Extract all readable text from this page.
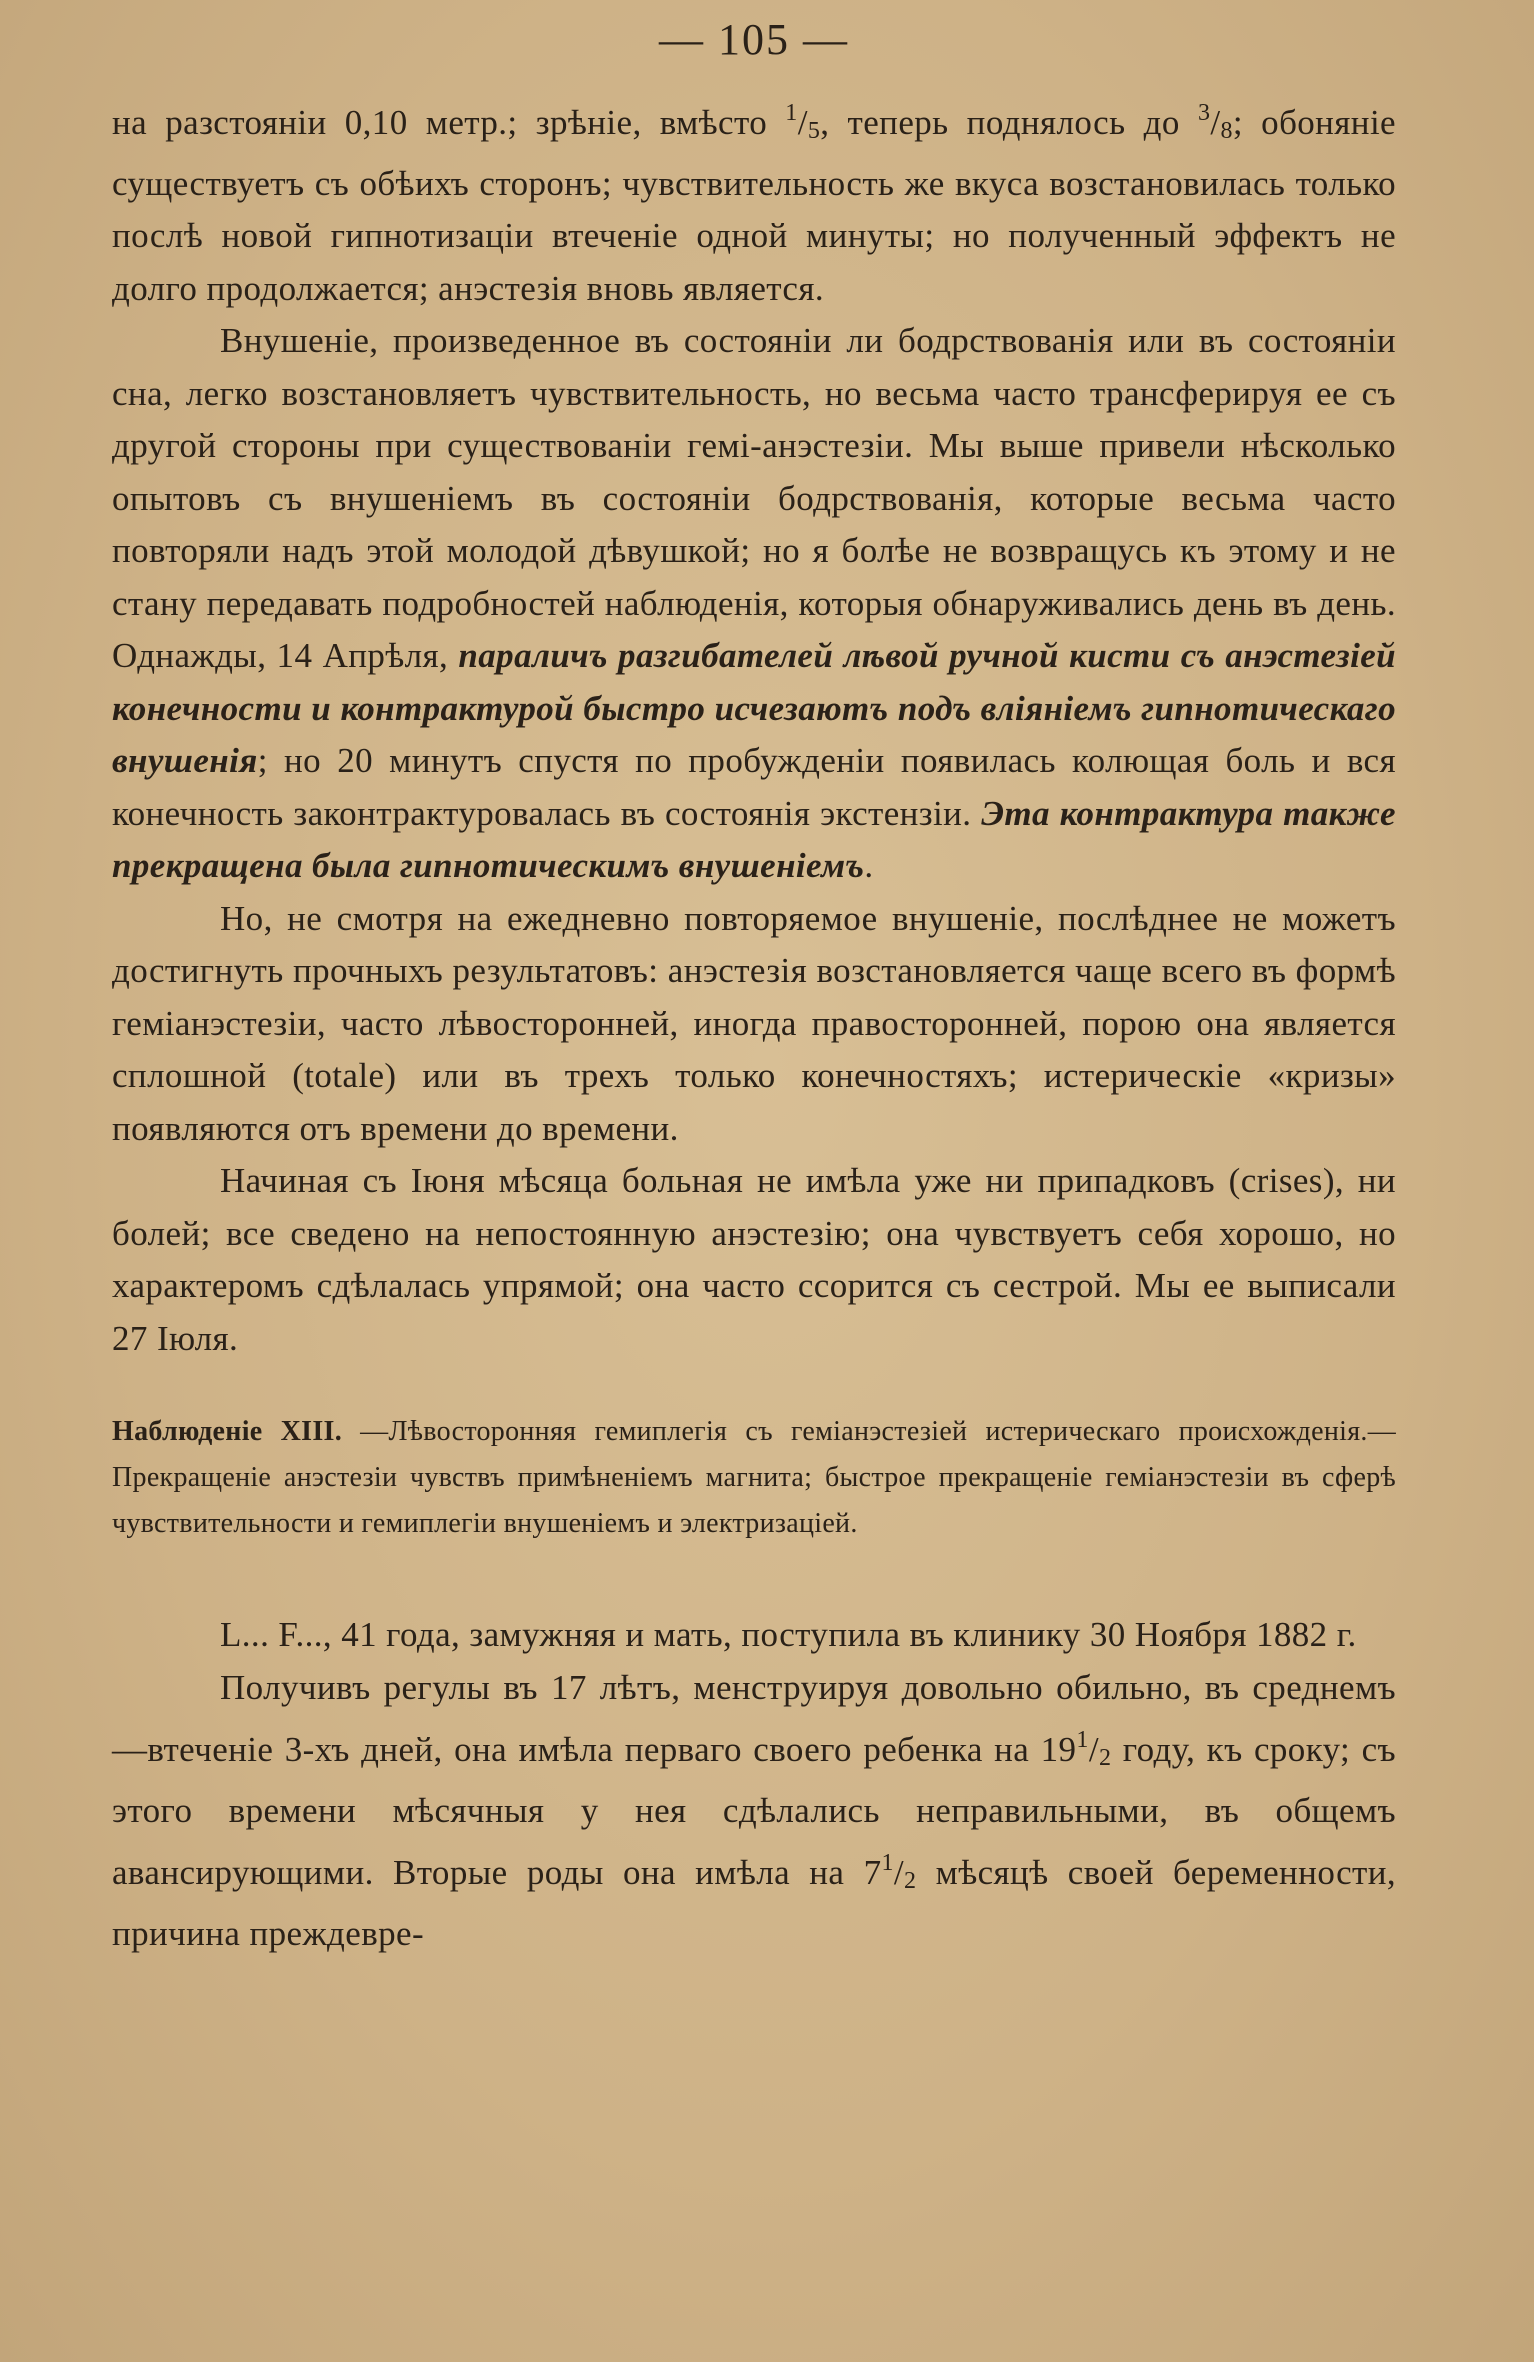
— 105 —

на разстояніи 0,10 метр.; зрѣніе, вмѣсто $^1$/5, теперь поднялось до $^3$/8; обоняніе существуетъ съ обѣихъ сторонъ; чувствительность же вкуса возстановилась только послѣ новой гипнотизаціи втеченіе одной минуты; но полученный эффектъ не долго продолжается; анэстезія вновь является.

Внушеніе, произведенное въ состояніи ли бодрствованія или въ состояніи сна, легко возстановляетъ чувствительность, но весьма часто трансферируя ее съ другой стороны при существованіи гемі-анэстезіи. Мы выше привели нѣсколько опытовъ съ внушеніемъ въ состояніи бодрствованія, которые весьма часто повторяли надъ этой молодой дѣвушкой; но я болѣе не возвращусь къ этому и не стану передавать подробностей наблюденія, которыя обнаруживались день въ день. Однажды, 14 Апрѣля, параличъ разгибателей лѣвой ручной кисти съ анэстезіей конечности и контрактурой быстро исчезаютъ подъ вліяніемъ гипнотическаго внушенія; но 20 минутъ спустя по пробужденіи появилась колющая боль и вся конечность законтрактуровалась въ состоянія экстензіи. Эта контрактура также прекращена была гипнотическимъ внушеніемъ.

Но, не смотря на ежедневно повторяемое внушеніе, послѣднее не можетъ достигнуть прочныхъ результатовъ: анэстезія возстановляется чаще всего въ формѣ геміанэстезіи, часто лѣвосторонней, иногда правосторонней, порою она является сплошной (totale) или въ трехъ только конечностяхъ; истерическіе «кризы» появляются отъ времени до времени.

Начиная съ Іюня мѣсяца больная не имѣла уже ни припадковъ (crises), ни болей; все сведено на непостоянную анэстезію; она чувствуетъ себя хорошо, но характеромъ сдѣлалась упрямой; она часто ссорится съ сестрой. Мы ее выписали 27 Іюля.

Наблюденіе XIII. —Лѣвосторонняя гемиплегія съ геміанэстезіей истерическаго происхожденія.—Прекращеніе анэстезіи чувствъ примѣненіемъ магнита; быстрое прекращеніе геміанэстезіи въ сферѣ чувствительности и гемиплегіи внушеніемъ и электризаціей.

L... F..., 41 года, замужняя и мать, поступила въ клинику 30 Ноября 1882 г.

Получивъ регулы въ 17 лѣтъ, менструируя довольно обильно, въ среднемъ—втеченіе 3-хъ дней, она имѣла перваго своего ребенка на $19^1/2$ году, къ сроку; съ этого времени мѣсячныя у нея сдѣлались неправильными, въ общемъ авансирующими. Вторые роды она имѣла на $7^1/2$ мѣсяцѣ своей беременности, причина преждевре-
